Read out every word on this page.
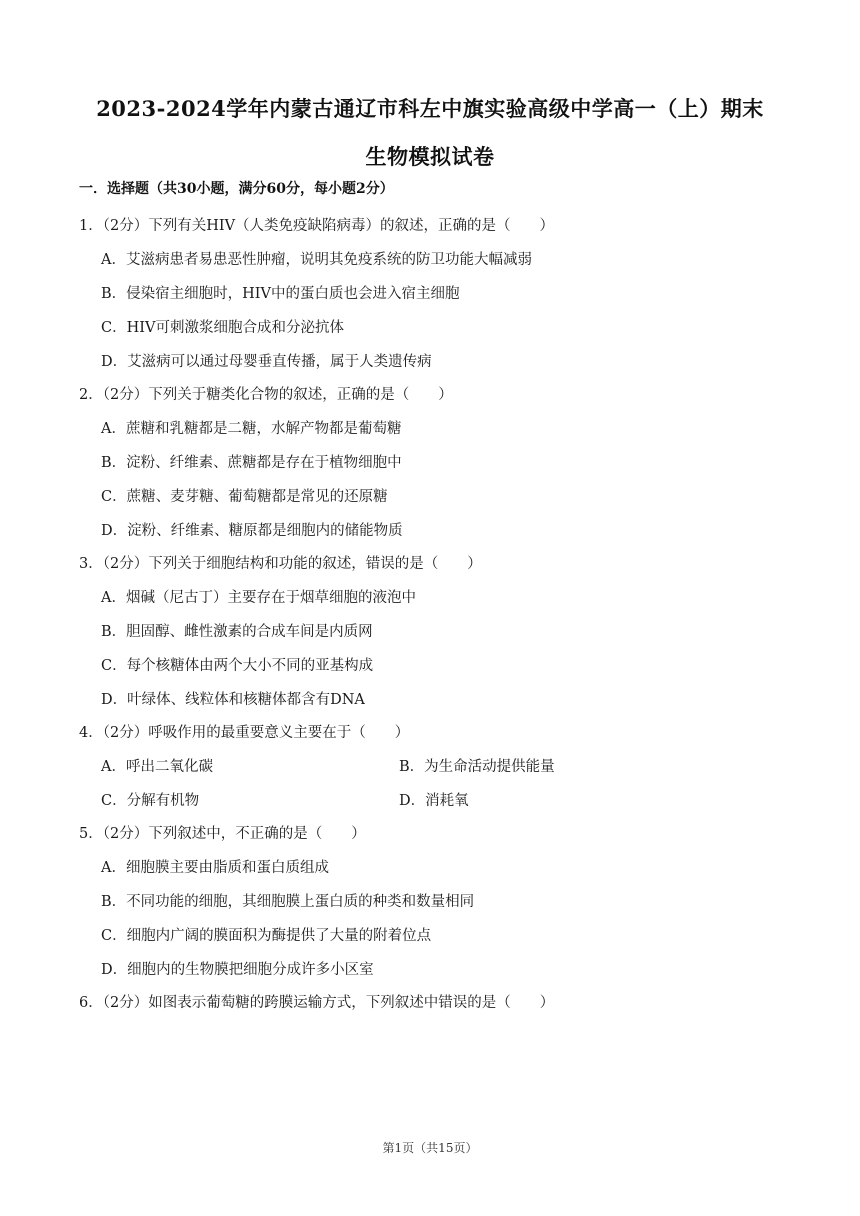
2023-2024学年内蒙古通辽市科左中旗实验高级中学高一（上）期末
生物模拟试卷
一．选择题（共30小题，满分60分，每小题2分）
1．（2分）下列有关HIV（人类免疫缺陷病毒）的叙述，正确的是（　　）
A．艾滋病患者易患恶性肿瘤，说明其免疫系统的防卫功能大幅减弱
B．侵染宿主细胞时，HIV中的蛋白质也会进入宿主细胞
C．HIV可刺激浆细胞合成和分泌抗体
D．艾滋病可以通过母婴垂直传播，属于人类遗传病
2．（2分）下列关于糖类化合物的叙述，正确的是（　　）
A．蔗糖和乳糖都是二糖，水解产物都是葡萄糖
B．淀粉、纤维素、蔗糖都是存在于植物细胞中
C．蔗糖、麦芽糖、葡萄糖都是常见的还原糖
D．淀粉、纤维素、糖原都是细胞内的储能物质
3．（2分）下列关于细胞结构和功能的叙述，错误的是（　　）
A．烟碱（尼古丁）主要存在于烟草细胞的液泡中
B．胆固醇、雌性激素的合成车间是内质网
C．每个核糖体由两个大小不同的亚基构成
D．叶绿体、线粒体和核糖体都含有DNA
4．（2分）呼吸作用的最重要意义主要在于（　　）
A．呼出二氧化碳	B．为生命活动提供能量
C．分解有机物	D．消耗氧
5．（2分）下列叙述中，不正确的是（　　）
A．细胞膜主要由脂质和蛋白质组成
B．不同功能的细胞，其细胞膜上蛋白质的种类和数量相同
C．细胞内广阔的膜面积为酶提供了大量的附着位点
D．细胞内的生物膜把细胞分成许多小区室
6．（2分）如图表示葡萄糖的跨膜运输方式，下列叙述中错误的是（　　）
第1页（共15页）
